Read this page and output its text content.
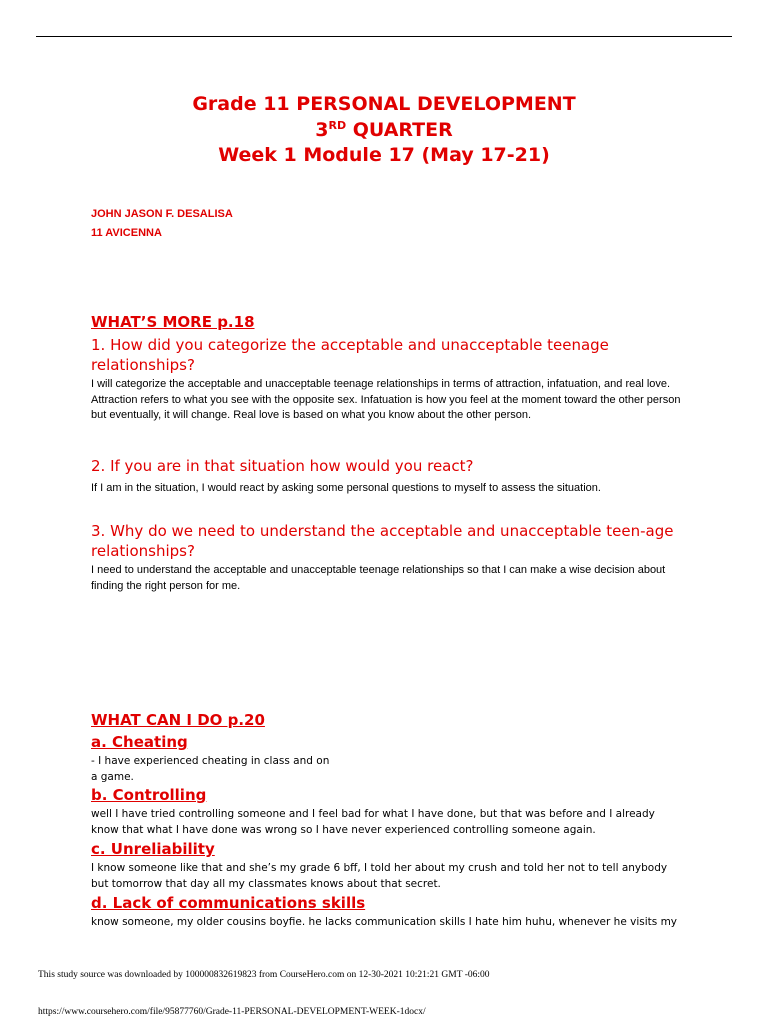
Grade 11 PERSONAL DEVELOPMENT
3RD QUARTER
Week 1 Module 17 (May 17-21)
JOHN JASON F. DESALISA
11 AVICENNA
WHAT’S MORE p.18
1. How did you categorize the acceptable and unacceptable teenage relationships?
I will categorize the acceptable and unacceptable teenage relationships in terms of attraction, infatuation, and real love. Attraction refers to what you see with the opposite sex. Infatuation is how you feel at the moment toward the other person but eventually, it will change. Real love is based on what you know about the other person.
2. If you are in that situation how would you react?
If I am in the situation, I would react by asking some personal questions to myself to assess the situation.
3. Why do we need to understand the acceptable and unacceptable teen-age relationships?
I need to understand the acceptable and unacceptable teenage relationships so that I can make a wise decision about finding the right person for me.
WHAT CAN I DO p.20
a. Cheating
- I have experienced cheating in class and on a game.
b. Controlling
well I have tried controlling someone and I feel bad for what I have done, but that was before and I already know that what I have done was wrong so I have never experienced controlling someone again.
c. Unreliability
I know someone like that and she’s my grade 6 bff, I told her about my crush and told her not to tell anybody but tomorrow that day all my classmates knows about that secret.
d. Lack of communications skills
know someone, my older cousins boyfie. he lacks communication skills I hate him huhu, whenever he visits my
This study source was downloaded by 100000832619823 from CourseHero.com on 12-30-2021 10:21:21 GMT -06:00
https://www.coursehero.com/file/95877760/Grade-11-PERSONAL-DEVELOPMENT-WEEK-1docx/
